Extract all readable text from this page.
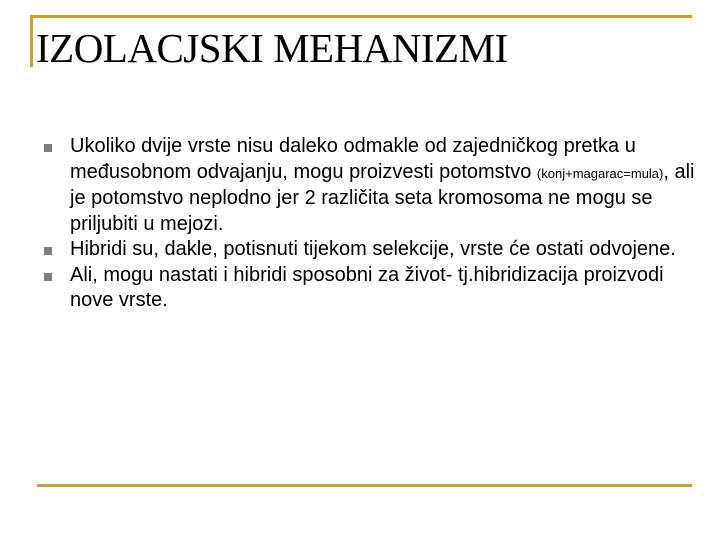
IZOLACJSKI MEHANIZMI
Ukoliko dvije vrste nisu daleko odmakle od zajedničkog pretka u međusobnom odvajanju, mogu proizvesti potomstvo (konj+magarac=mula), ali je potomstvo neplodno jer 2 različita seta kromosoma ne mogu se priljubiti u mejozi.
Hibridi su, dakle, potisnuti tijekom selekcije, vrste će ostati odvojene.
Ali, mogu nastati i hibridi sposobni za život- tj.hibridizacija proizvodi nove vrste.
